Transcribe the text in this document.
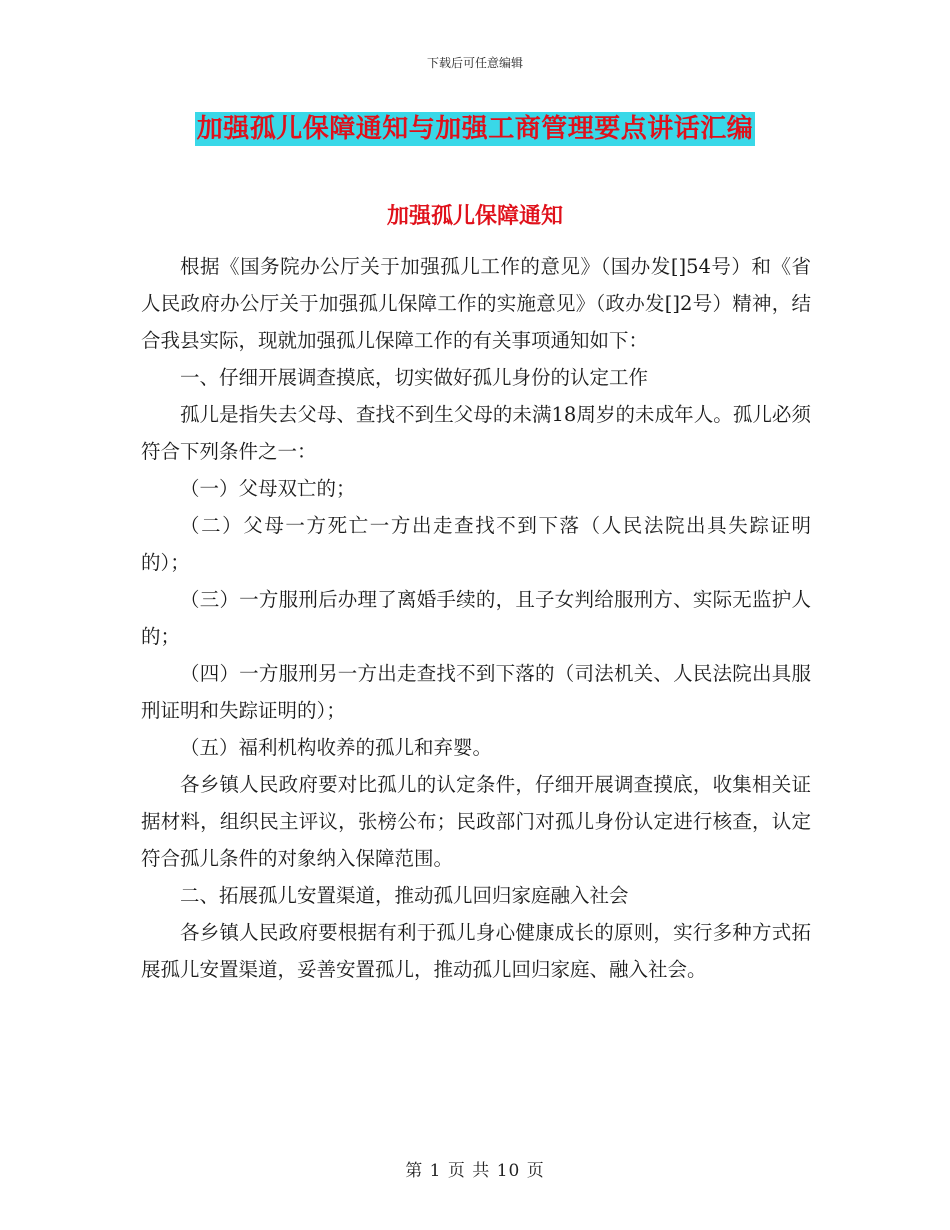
下载后可任意编辑
加强孤儿保障通知与加强工商管理要点讲话汇编
加强孤儿保障通知

根据《国务院办公厅关于加强孤儿工作的意见》（国办发[]54号）和《省人民政府办公厅关于加强孤儿保障工作的实施意见》（政办发[]2号）精神，结合我县实际，现就加强孤儿保障工作的有关事项通知如下：

一、仔细开展调查摸底，切实做好孤儿身份的认定工作

孤儿是指失去父母、查找不到生父母的未满18周岁的未成年人。孤儿必须符合下列条件之一：

（一）父母双亡的；

（二）父母一方死亡一方出走查找不到下落（人民法院出具失踪证明的）；

（三）一方服刑后办理了离婚手续的，且子女判给服刑方、实际无监护人的；

（四）一方服刑另一方出走查找不到下落的（司法机关、人民法院出具服刑证明和失踪证明的）；

（五）福利机构收养的孤儿和弃婴。

各乡镇人民政府要对比孤儿的认定条件，仔细开展调查摸底，收集相关证据材料，组织民主评议，张榜公布；民政部门对孤儿身份认定进行核查，认定符合孤儿条件的对象纳入保障范围。

二、拓展孤儿安置渠道，推动孤儿回归家庭融入社会

各乡镇人民政府要根据有利于孤儿身心健康成长的原则，实行多种方式拓展孤儿安置渠道，妥善安置孤儿，推动孤儿回归家庭、融入社会。

第 1 页 共 10 页
